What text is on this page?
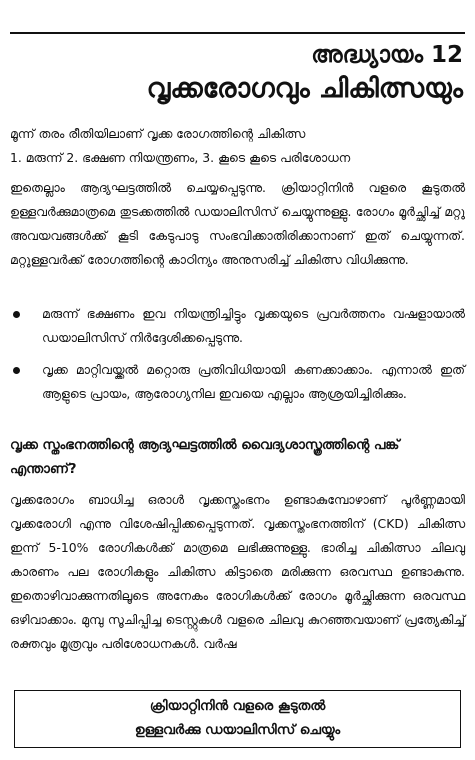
അദ്ധ്യായം 12
വൃക്കരോഗവും ചികിത്സയും
മൂന്ന് തരം രീതിയിലാണ് വൃക്ക രോഗത്തിന്റെ ചികിത്സ
1. മരുന്ന് 2. ഭക്ഷണ നിയന്ത്രണം, 3. കൂടെ കൂടെ പരിശോധന
ഇതെല്ലാം ആദ്യഘട്ടത്തിൽ ചെയ്യപ്പെടുന്നു. ക്രിയാറ്റിനിൻ വളരെ കൂടുതൽ ഉള്ളവർക്കുമാത്രമെ തുടക്കത്തിൽ ഡയാലിസിസ് ചെയ്യുന്നുള്ളു. രോഗം മൂർച്ഛിച്ച് മറ്റു അവയവങ്ങൾക്ക് കൂടി കേടുപാടു സംഭവിക്കാതിരിക്കാനാണ് ഇത് ചെയ്യുന്നത്. മറ്റുള്ളവർക്ക് രോഗത്തിന്റെ കാഠിന്യം അനുസരിച്ച് ചികിത്സ വിധിക്കുന്നു.
മരുന്ന് ഭക്ഷണം ഇവ നിയന്ത്രിച്ചിട്ടും വൃക്കയുടെ പ്രവർത്തനം വഷളായാൽ ഡയാലിസിസ് നിർദ്ദേശിക്കപ്പെടുന്നു.
വൃക്ക മാറ്റിവയ്ക്കൽ മറ്റൊരു പ്രതിവിധിയായി കണക്കാക്കാം. എന്നാൽ ഇത് ആളുടെ പ്രായം, ആരോഗ്യനില ഇവയെ എല്ലാം ആശ്രയിച്ചിരിക്കും.
വൃക്ക സ്തംഭനത്തിന്റെ ആദ്യഘട്ടത്തിൽ വൈദ്യശാസ്ത്രത്തിന്റെ പങ്ക് എന്താണ്?
വൃക്കരോഗം ബാധിച്ച ഒരാൾ വൃക്കസ്തംഭനം ഉണ്ടാകുമ്പോഴാണ് പൂർണ്ണമായി വൃക്കരോഗി എന്നു വിശേഷിപ്പിക്കപ്പെടുന്നത്. വൃക്കസ്തംഭനത്തിന് (CKD) ചികിത്സ ഇന്ന് 5-10% രോഗികൾക്ക് മാത്രമെ ലഭിക്കുന്നുള്ളു. ഭാരിച്ച ചികിത്സാ ചിലവു കാരണം പല രോഗികളും ചികിത്സ കിട്ടാതെ മരിക്കുന്ന ഒരവസ്ഥ ഉണ്ടാകുന്നു. ഇതൊഴിവാക്കുന്നതിലൂടെ അനേകം രോഗികൾക്ക് രോഗം മൂർച്ഛിക്കുന്ന ഒരവസ്ഥ ഒഴിവാക്കാം. മുമ്പു സൂചിപ്പിച്ച ടെസ്റ്റുകൾ വളരെ ചിലവു കുറഞ്ഞവയാണ് പ്രത്യേകിച്ച് രക്തവും മൂത്രവും പരിശോധനകൾ. വർഷ
ക്രിയാറ്റിനിൻ വളരെ കൂടുതൽ
ഉള്ളവർക്കു ഡയാലിസിസ് ചെയ്യും
